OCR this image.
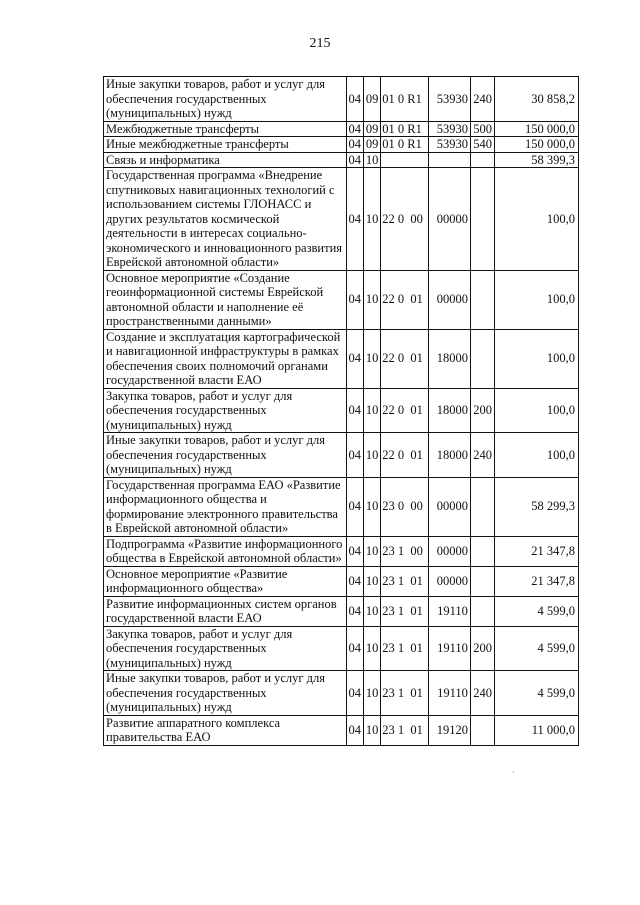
215
Иные закупки товаров, работ и услуг для обеспечения государственных (муниципальных) нужд	04	09	01 0 R1	53930	240	30 858,2
Межбюджетные трансферты	04	09	01 0 R1	53930	500	150 000,0
Иные межбюджетные трансферты	04	09	01 0 R1	53930	540	150 000,0
Связь и информатика	04	10				58 399,3
Государственная программа «Внедрение спутниковых навигационных технологий с использованием системы ГЛОНАСС и других результатов космической деятельности в интересах социально-экономического и инновационного развития Еврейской автономной области»	04	10	22 0  00	00000		100,0
Основное мероприятие «Создание геоинформационной системы Еврейской автономной области и наполнение её пространственными данными»	04	10	22 0  01	00000		100,0
Создание и эксплуатация картографической и навигационной инфраструктуры в рамках обеспечения своих полномочий органами государственной власти ЕАО	04	10	22 0  01	18000		100,0
Закупка товаров, работ и услуг для обеспечения государственных (муниципальных) нужд	04	10	22 0  01	18000	200	100,0
Иные закупки товаров, работ и услуг для обеспечения государственных (муниципальных) нужд	04	10	22 0  01	18000	240	100,0
Государственная программа ЕАО «Развитие информационного общества и формирование электронного правительства в Еврейской автономной области»	04	10	23 0  00	00000		58 299,3
Подпрограмма «Развитие информационного общества в Еврейской автономной области»	04	10	23 1  00	00000		21 347,8
Основное мероприятие «Развитие информационного общества»	04	10	23 1  01	00000		21 347,8
Развитие информационных систем органов государственной власти ЕАО	04	10	23 1  01	19110		4 599,0
Закупка товаров, работ и услуг для обеспечения государственных (муниципальных) нужд	04	10	23 1  01	19110	200	4 599,0
Иные закупки товаров, работ и услуг для обеспечения государственных (муниципальных) нужд	04	10	23 1  01	19110	240	4 599,0
Развитие аппаратного комплекса правительства ЕАО	04	10	23 1  01	19120		11 000,0
·
